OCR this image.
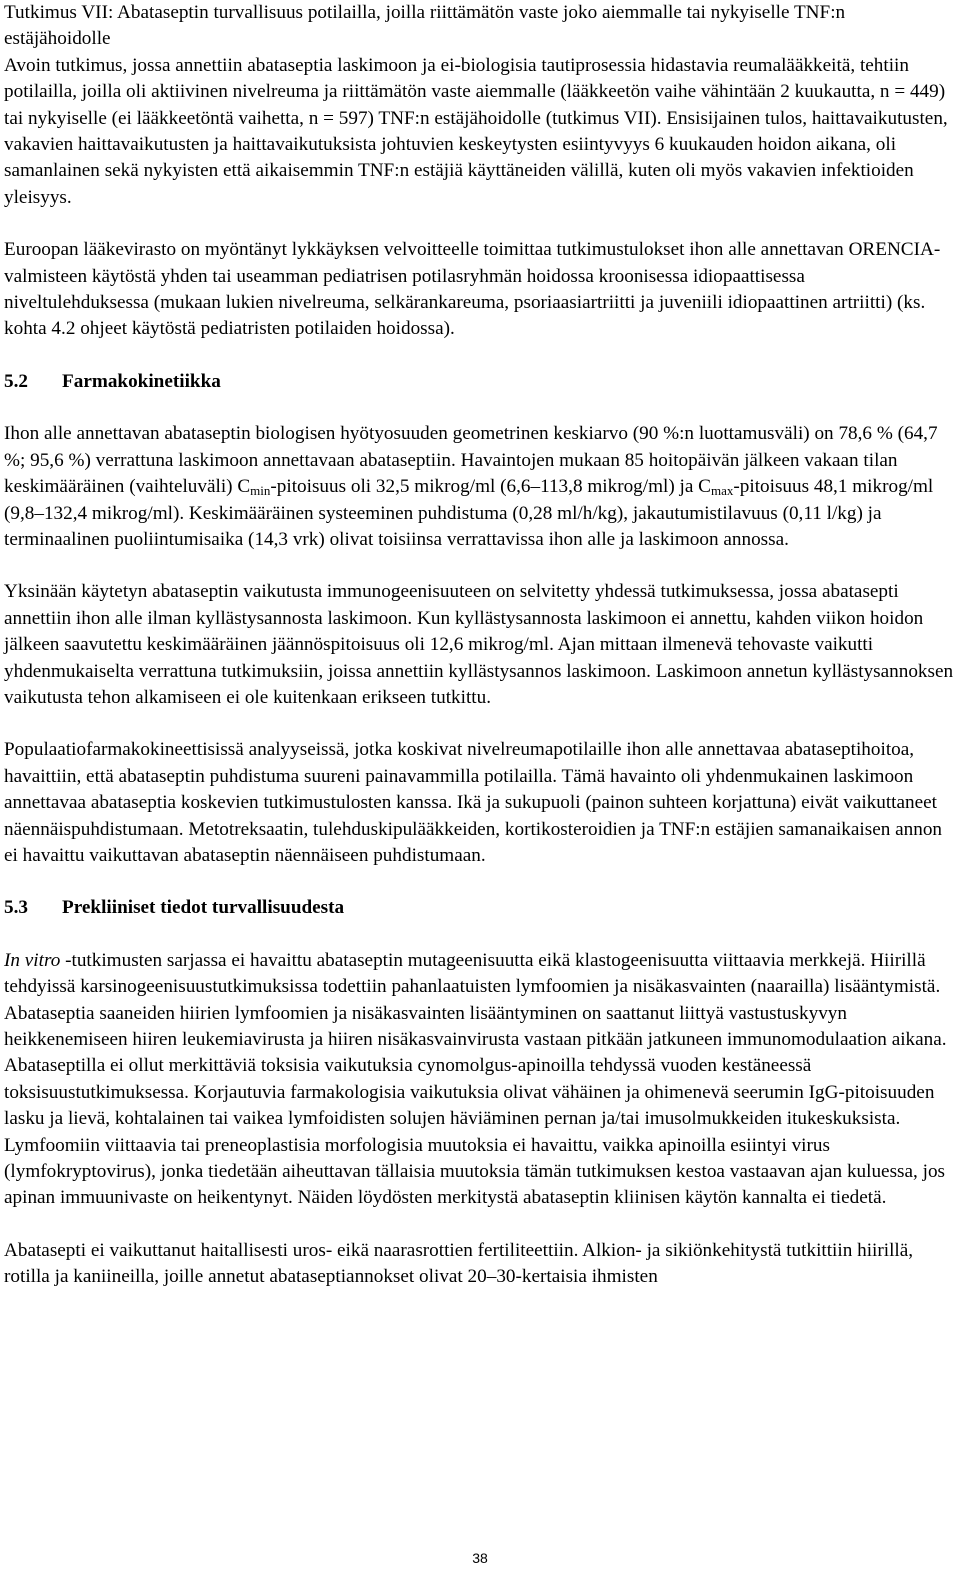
Tutkimus VII: Abataseptin turvallisuus potilailla, joilla riittämätön vaste joko aiemmalle tai nykyiselle TNF:n estäjähoidolle
Avoin tutkimus, jossa annettiin abataseptia laskimoon ja ei-biologisia tautiprosessia hidastavia reumalääkkeitä, tehtiin potilailla, joilla oli aktiivinen nivelreuma ja riittämätön vaste aiemmalle (lääkkeetön vaihe vähintään 2 kuukautta, n = 449) tai nykyiselle (ei lääkkeetöntä vaihetta, n = 597) TNF:n estäjähoidolle (tutkimus VII). Ensisijainen tulos, haittavaikutusten, vakavien haittavaikutusten ja haittavaikutuksista johtuvien keskeytysten esiintyvyys 6 kuukauden hoidon aikana, oli samanlainen sekä nykyisten että aikaisemmin TNF:n estäjiä käyttäneiden välillä, kuten oli myös vakavien infektioiden yleisyys.

Euroopan lääkevirasto on myöntänyt lykkäyksen velvoitteelle toimittaa tutkimustulokset ihon alle annettavan ORENCIA-valmisteen käytöstä yhden tai useamman pediatrisen potilasryhmän hoidossa kroonisessa idiopaattisessa niveltulehduksessa (mukaan lukien nivelreuma, selkärankareuma, psoriaasiartriitti ja juveniili idiopaattinen artriitti) (ks. kohta 4.2 ohjeet käytöstä pediatristen potilaiden hoidossa).

5.2 Farmakokinetiikka

Ihon alle annettavan abataseptin biologisen hyötyosuuden geometrinen keskiarvo (90 %:n luottamusväli) on 78,6 % (64,7 %; 95,6 %) verrattuna laskimoon annettavaan abataseptiin. Havaintojen mukaan 85 hoitopäivän jälkeen vakaan tilan keskimääräinen (vaihteluväli) $C_{min}$-pitoisuus oli 32,5 mikrog/ml (6,6–113,8 mikrog/ml) ja $C_{max}$-pitoisuus 48,1 mikrog/ml (9,8–132,4 mikrog/ml). Keskimääräinen systeeminen puhdistuma (0,28 ml/h/kg), jakautumistilavuus (0,11 l/kg) ja terminaalinen puoliintumisaika (14,3 vrk) olivat toisiinsa verrattavissa ihon alle ja laskimoon annossa.

Yksinään käytetyn abataseptin vaikutusta immunogeenisuuteen on selvitetty yhdessä tutkimuksessa, jossa abatasepti annettiin ihon alle ilman kyllästysannosta laskimoon. Kun kyllästysannosta laskimoon ei annettu, kahden viikon hoidon jälkeen saavutettu keskimääräinen jäännöspitoisuus oli 12,6 mikrog/ml. Ajan mittaan ilmenevä tehovaste vaikutti yhdenmukaiselta verrattuna tutkimuksiin, joissa annettiin kyllästysannos laskimoon. Laskimoon annetun kyllästysannoksen vaikutusta tehon alkamiseen ei ole kuitenkaan erikseen tutkittu.

Populaatiofarmakokineettisissä analyyseissä, jotka koskivat nivelreumapotilaille ihon alle annettavaa abataseptihoitoa, havaittiin, että abataseptin puhdistuma suureni painavammilla potilailla. Tämä havainto oli yhdenmukainen laskimoon annettavaa abataseptia koskevien tutkimustulosten kanssa. Ikä ja sukupuoli (painon suhteen korjattuna) eivät vaikuttaneet näennäispuhdistumaan. Metotreksaatin, tulehduskipulääkkeiden, kortikosteroidien ja TNF:n estäjien samanaikaisen annon ei havaittu vaikuttavan abataseptin näennäiseen puhdistumaan.

5.3 Prekliiniset tiedot turvallisuudesta

In vitro -tutkimusten sarjassa ei havaittu abataseptin mutageenisuutta eikä klastogeenisuutta viittaavia merkkejä. Hiirillä tehdyissä karsinogeenisuustutkimuksissa todettiin pahanlaatuisten lymfoomien ja nisäkasvainten (naarailla) lisääntymistä. Abataseptia saaneiden hiirien lymfoomien ja nisäkasvainten lisääntyminen on saattanut liittyä vastustuskyvyn heikkenemiseen hiiren leukemiavirusta ja hiiren nisäkasvainvirusta vastaan pitkään jatkuneen immunomodulaation aikana. Abataseptilla ei ollut merkittäviä toksisia vaikutuksia cynomolgus-apinoilla tehdyssä vuoden kestäneessä toksisuustutkimuksessa. Korjautuvia farmakologisia vaikutuksia olivat vähäinen ja ohimenevä seerumin IgG-pitoisuuden lasku ja lievä, kohtalainen tai vaikea lymfoidisten solujen häviäminen pernan ja/tai imusolmukkeiden itukeskuksista. Lymfoomiin viittaavia tai preneoplastisia morfologisia muutoksia ei havaittu, vaikka apinoilla esiintyi virus (lymfokryptovirus), jonka tiedetään aiheuttavan tällaisia muutoksia tämän tutkimuksen kestoa vastaavan ajan kuluessa, jos apinan immuunivaste on heikentynyt. Näiden löydösten merkitystä abataseptin kliinisen käytön kannalta ei tiedetä.

Abatasepti ei vaikuttanut haitallisesti uros- eikä naarasrottien fertiliteettiin. Alkion- ja sikiönkehitystä tutkittiin hiirillä, rotilla ja kaniineilla, joille annetut abataseptiannokset olivat 20–30-kertaisia ihmisten

38
